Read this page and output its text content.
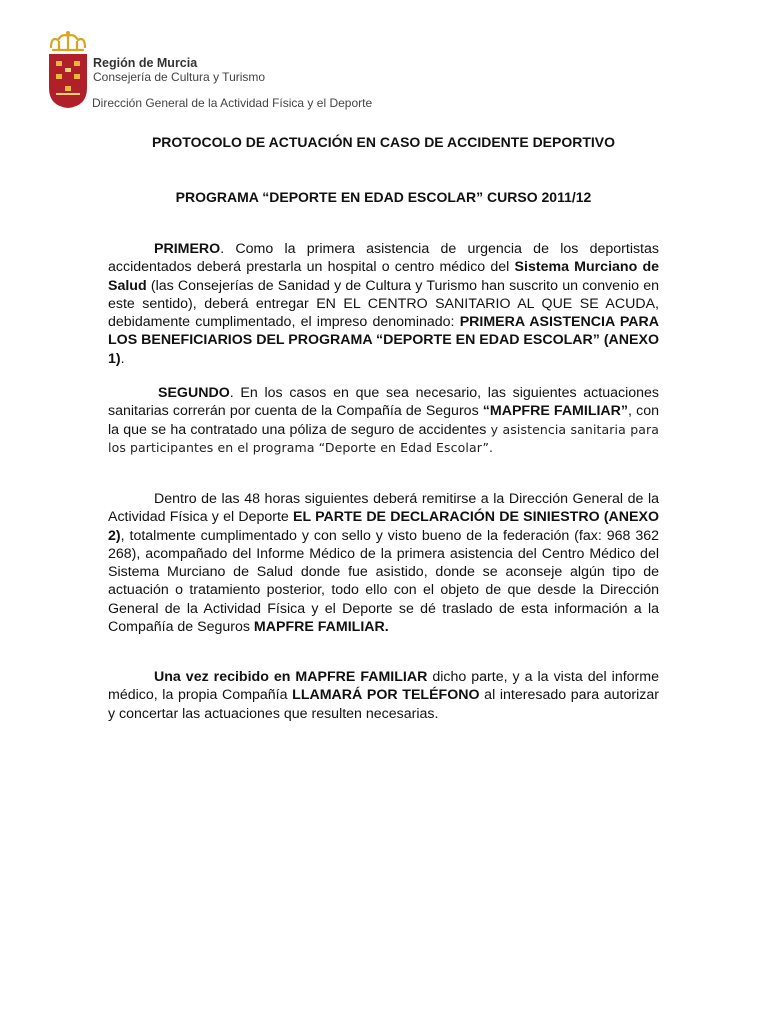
Región de Murcia
Consejería de Cultura y Turismo
Dirección General de la Actividad Física y el Deporte
PROTOCOLO DE ACTUACIÓN EN CASO DE ACCIDENTE DEPORTIVO
PROGRAMA “DEPORTE EN EDAD ESCOLAR” CURSO 2011/12

PRIMERO. Como la primera asistencia de urgencia de los deportistas accidentados deberá prestarla un hospital o centro médico del Sistema Murciano de Salud (las Consejerías de Sanidad y de Cultura y Turismo han suscrito un convenio en este sentido), deberá entregar EN EL CENTRO SANITARIO AL QUE SE ACUDA, debidamente cumplimentado, el impreso denominado: PRIMERA ASISTENCIA PARA LOS BENEFICIARIOS DEL PROGRAMA “DEPORTE EN EDAD ESCOLAR” (ANEXO 1).

SEGUNDO. En los casos en que sea necesario, las siguientes actuaciones sanitarias correrán por cuenta de la Compañía de Seguros “MAPFRE FAMILIAR”, con la que se ha contratado una póliza de seguro de accidentes y asistencia sanitaria para los participantes en el programa “Deporte en Edad Escolar”.

Dentro de las 48 horas siguientes deberá remitirse a la Dirección General de la Actividad Física y el Deporte EL PARTE DE DECLARACIÓN DE SINIESTRO (ANEXO 2), totalmente cumplimentado y con sello y visto bueno de la federación (fax: 968 362 268), acompañado del Informe Médico de la primera asistencia del Centro Médico del Sistema Murciano de Salud donde fue asistido, donde se aconseje algún tipo de actuación o tratamiento posterior, todo ello con el objeto de que desde la Dirección General de la Actividad Física y el Deporte se dé traslado de esta información a la Compañía de Seguros MAPFRE FAMILIAR.

Una vez recibido en MAPFRE FAMILIAR dicho parte, y a la vista del informe médico, la propia Compañía LLAMARÁ POR TELÉFONO al interesado para autorizar y concertar las actuaciones que resulten necesarias.
